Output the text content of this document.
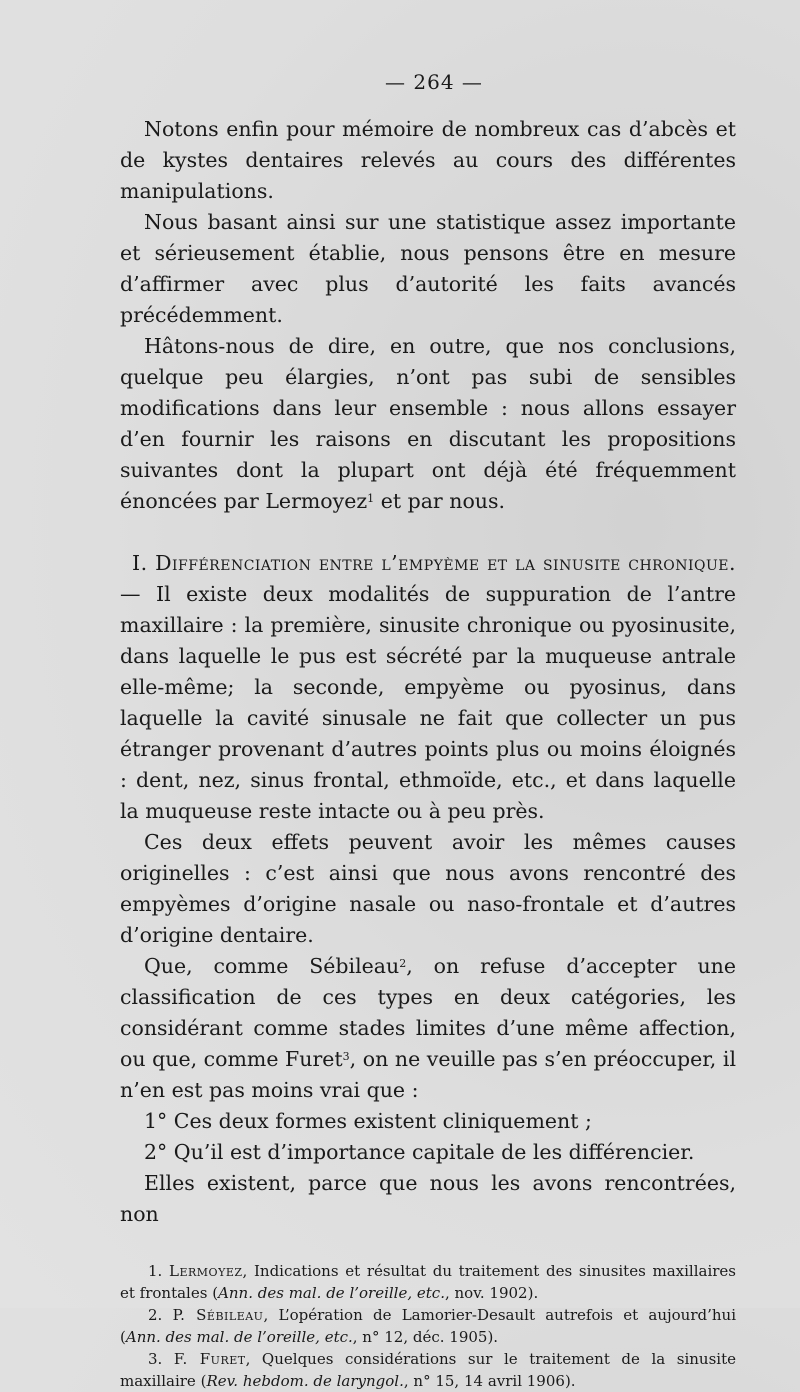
— 264 —

Notons enfin pour mémoire de nombreux cas d’abcès et de kystes dentaires relevés au cours des différentes manipulations.

Nous basant ainsi sur une statistique assez importante et sérieusement établie, nous pensons être en mesure d’affirmer avec plus d’autorité les faits avancés précédemment.

Hâtons-nous de dire, en outre, que nos conclusions, quelque peu élargies, n’ont pas subi de sensibles modifications dans leur ensemble : nous allons essayer d’en fournir les raisons en discutant les propositions suivantes dont la plupart ont déjà été fréquemment énoncées par Lermoyez$^1$ et par nous.

I. Différenciation entre l’empyème et la sinusite chronique. — Il existe deux modalités de suppuration de l’antre maxillaire : la première, sinusite chronique ou pyosinusite, dans laquelle le pus est sécrété par la muqueuse antrale elle-même; la seconde, empyème ou pyosinus, dans laquelle la cavité sinusale ne fait que collecter un pus étranger provenant d’autres points plus ou moins éloignés : dent, nez, sinus frontal, ethmoïde, etc., et dans laquelle la muqueuse reste intacte ou à peu près.

Ces deux effets peuvent avoir les mêmes causes originelles : c’est ainsi que nous avons rencontré des empyèmes d’origine nasale ou naso-frontale et d’autres d’origine dentaire.

Que, comme Sébileau$^2$, on refuse d’accepter une classification de ces types en deux catégories, les considérant comme stades limites d’une même affection, ou que, comme Furet$^3$, on ne veuille pas s’en préoccuper, il n’en est pas moins vrai que :

1° Ces deux formes existent cliniquement ;

2° Qu’il est d’importance capitale de les différencier.

Elles existent, parce que nous les avons rencontrées, non

1. Lermoyez, Indications et résultat du traitement des sinusites maxillaires et frontales (Ann. des mal. de l’oreille, etc., nov. 1902).

2. P. Sébileau, L’opération de Lamorier-Desault autrefois et aujourd’hui (Ann. des mal. de l’oreille, etc., n° 12, déc. 1905).

3. F. Furet, Quelques considérations sur le traitement de la sinusite maxillaire (Rev. hebdom. de laryngol., n° 15, 14 avril 1906).
